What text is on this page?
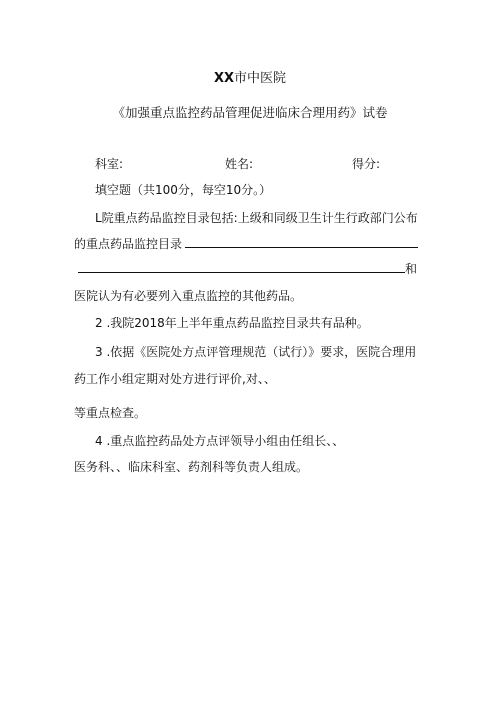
XX市中医院
《加强重点监控药品管理促进临床合理用药》试卷
科室:	姓名:	得分:
填空题（共100分，每空10分。）
L院重点药品监控目录包括:上级和同级卫生计生行政部门公布
的重点药品监控目录
和
医院认为有必要列入重点监控的其他药品。
2 .我院2018年上半年重点药品监控目录共有品种。
3 .依据《医院处方点评管理规范（试行）》要求，医院合理用
药工作小组定期对处方进行评价,对、、
等重点检查。
4 .重点监控药品处方点评领导小组由任组长、、
医务科、、临床科室、药剂科等负责人组成。
